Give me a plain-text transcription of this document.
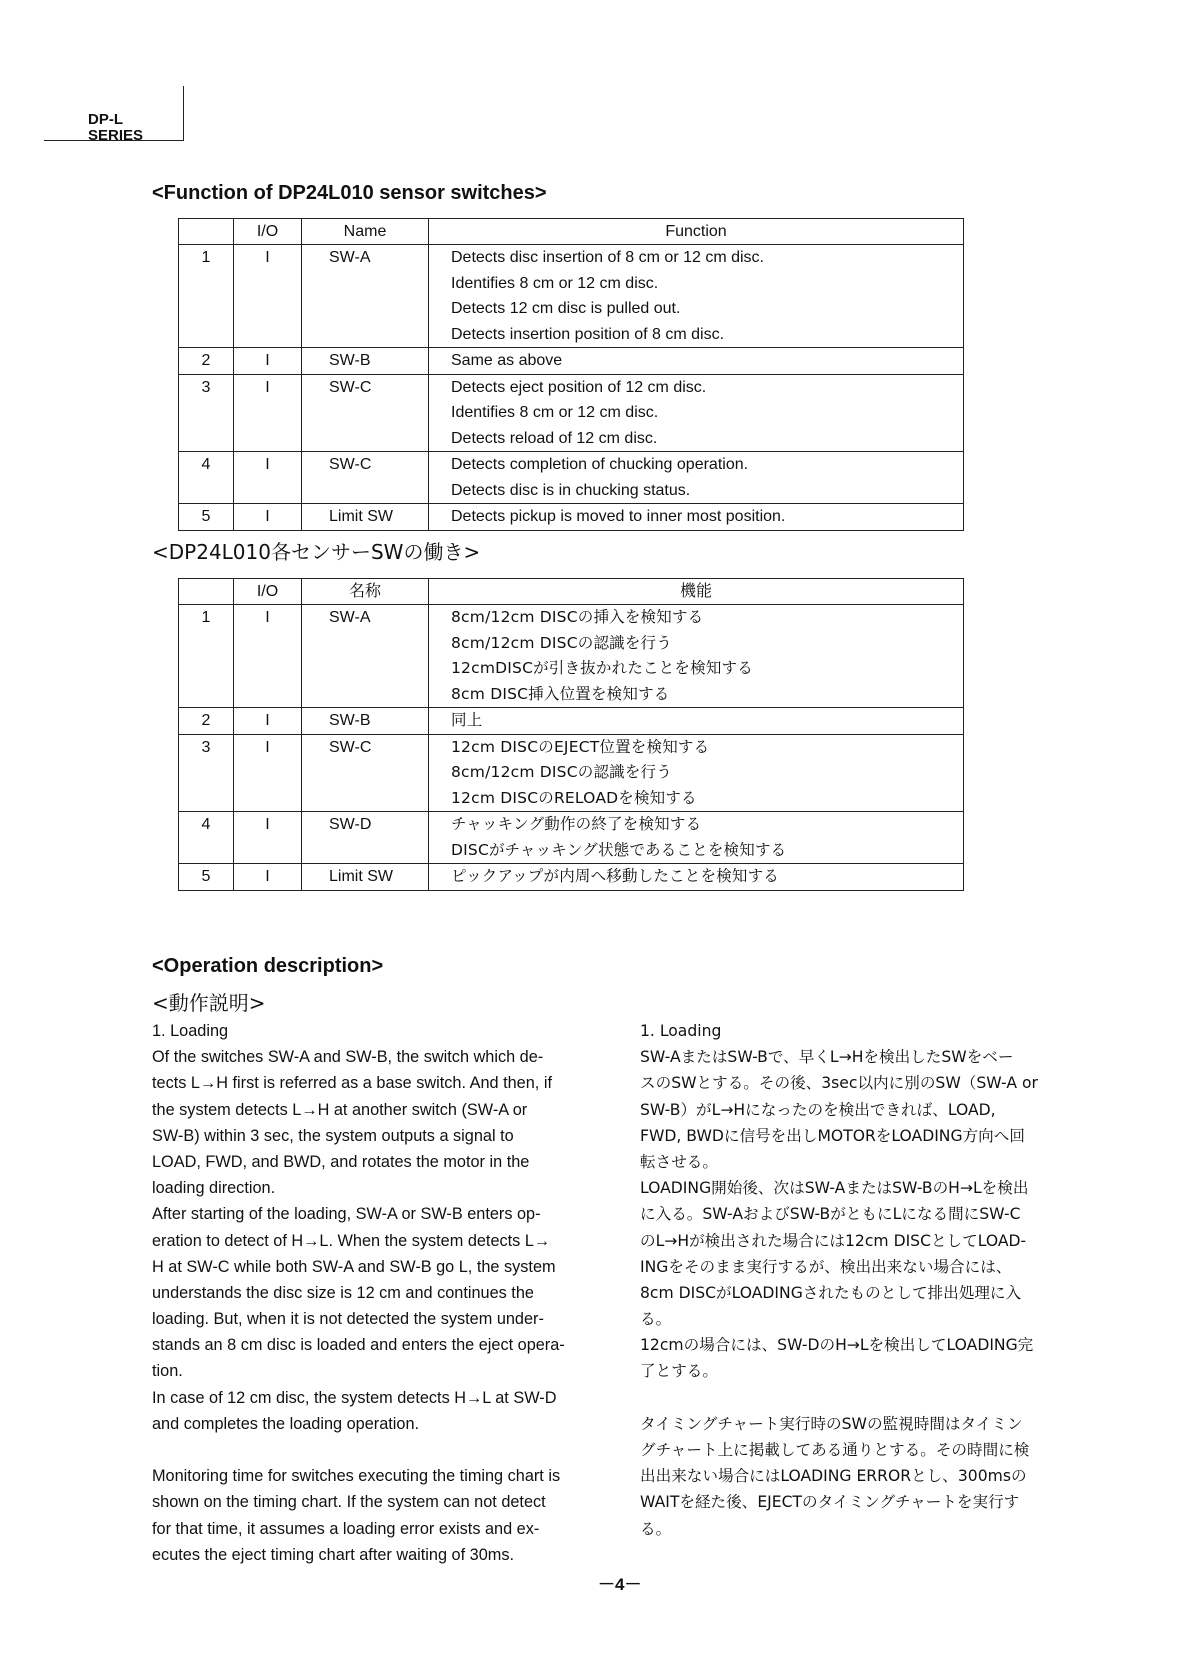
DP-L
SERIES
<Function of DP24L010 sensor switches>
	I/O	Name	Function

1	I	SW-A	Detects disc insertion of 8 cm or 12 cm disc.
Identifies 8 cm or 12 cm disc.
Detects 12 cm disc is pulled out.
Detects insertion position of 8 cm disc.

2	I	SW-B	Same as above

3	I	SW-C	Detects eject position of 12 cm disc.
Identifies 8 cm or 12 cm disc.
Detects reload of 12 cm disc.

4	I	SW-C	Detects completion of chucking operation.
Detects disc is in chucking status.

5	I	Limit SW	Detects pickup is moved to inner most position.
<DP24L010各センサーSWの働き>
	I/O	名称	機能

1	I	SW-A	8cm/12cm DISCの挿入を検知する
8cm/12cm DISCの認識を行う
12cmDISCが引き抜かれたことを検知する
8cm DISC挿入位置を検知する

2	I	SW-B	同上

3	I	SW-C	12cm DISCのEJECT位置を検知する
8cm/12cm DISCの認識を行う
12cm DISCのRELOADを検知する

4	I	SW-D	チャッキング動作の終了を検知する
DISCがチャッキング状態であることを検知する

5	I	Limit SW	ピックアップが内周へ移動したことを検知する
<Operation description>
<動作説明>
1. Loading
Of the switches SW-A and SW-B, the switch which de-
tects L→H first is referred as a base switch. And then, if
the system detects L→H at another switch (SW-A or
SW-B) within 3 sec, the system outputs a signal to
LOAD, FWD, and BWD, and rotates the motor in the
loading direction.
After starting of the loading, SW-A or SW-B enters op-
eration to detect of H→L. When the system detects L→
H at SW-C while both SW-A and SW-B go L, the system
understands the disc size is 12 cm and continues the
loading. But, when it is not detected the system under-
stands an 8 cm disc is loaded and enters the eject opera-
tion.
In case of 12 cm disc, the system detects H→L at SW-D
and completes the loading operation.
Monitoring time for switches executing the timing chart is
shown on the timing chart. If the system can not detect
for that time, it assumes a loading error exists and ex-
ecutes the eject timing chart after waiting of 30ms.
1. Loading
SW-AまたはSW-Bで、早くL→Hを検出したSWをベー
スのSWとする。その後、3sec以内に別のSW（SW-A or
SW-B）がL→Hになったのを検出できれば、LOAD,
FWD, BWDに信号を出しMOTORをLOADING方向へ回
転させる。
LOADING開始後、次はSW-AまたはSW-BのH→Lを検出
に入る。SW-AおよびSW-BがともにLになる間にSW-C
のL→Hが検出された場合には12cm DISCとしてLOAD-
INGをそのまま実行するが、検出出来ない場合には、
8cm DISCがLOADINGされたものとして排出処理に入
る。
12cmの場合には、SW-DのH→Lを検出してLOADING完
了とする。
タイミングチャート実行時のSWの監視時間はタイミン
グチャート上に掲載してある通りとする。その時間に検
出出来ない場合にはLOADING ERRORとし、300msの
WAITを経た後、EJECTのタイミングチャートを実行す
る。
－4－
